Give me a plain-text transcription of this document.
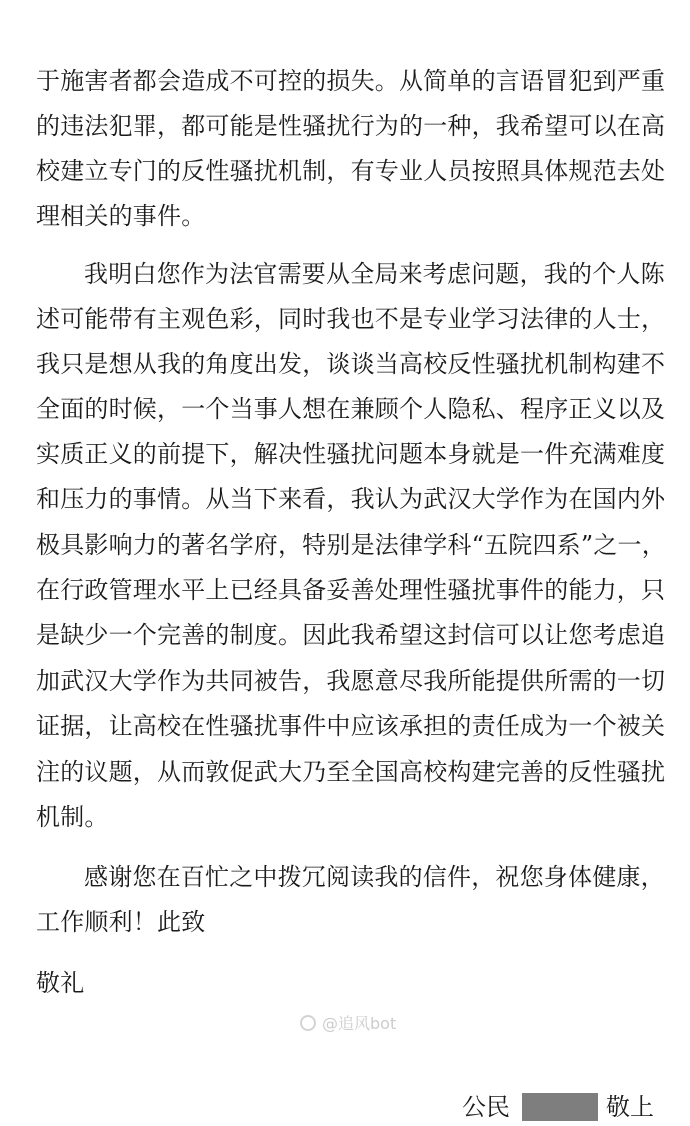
于施害者都会造成不可控的损失。从简单的言语冒犯到严重
的违法犯罪，都可能是性骚扰行为的一种，我希望可以在高
校建立专门的反性骚扰机制，有专业人员按照具体规范去处
理相关的事件。
我明白您作为法官需要从全局来考虑问题，我的个人陈
述可能带有主观色彩，同时我也不是专业学习法律的人士，
我只是想从我的角度出发，谈谈当高校反性骚扰机制构建不
全面的时候，一个当事人想在兼顾个人隐私、程序正义以及
实质正义的前提下，解决性骚扰问题本身就是一件充满难度
和压力的事情。从当下来看，我认为武汉大学作为在国内外
极具影响力的著名学府，特别是法律学科“五院四系”之一，
在行政管理水平上已经具备妥善处理性骚扰事件的能力，只
是缺少一个完善的制度。因此我希望这封信可以让您考虑追
加武汉大学作为共同被告，我愿意尽我所能提供所需的一切
证据，让高校在性骚扰事件中应该承担的责任成为一个被关
注的议题，从而敦促武大乃至全国高校构建完善的反性骚扰
机制。
感谢您在百忙之中拨冗阅读我的信件，祝您身体健康，
工作顺利！此致
敬礼
@追风bot
公民	敬上
